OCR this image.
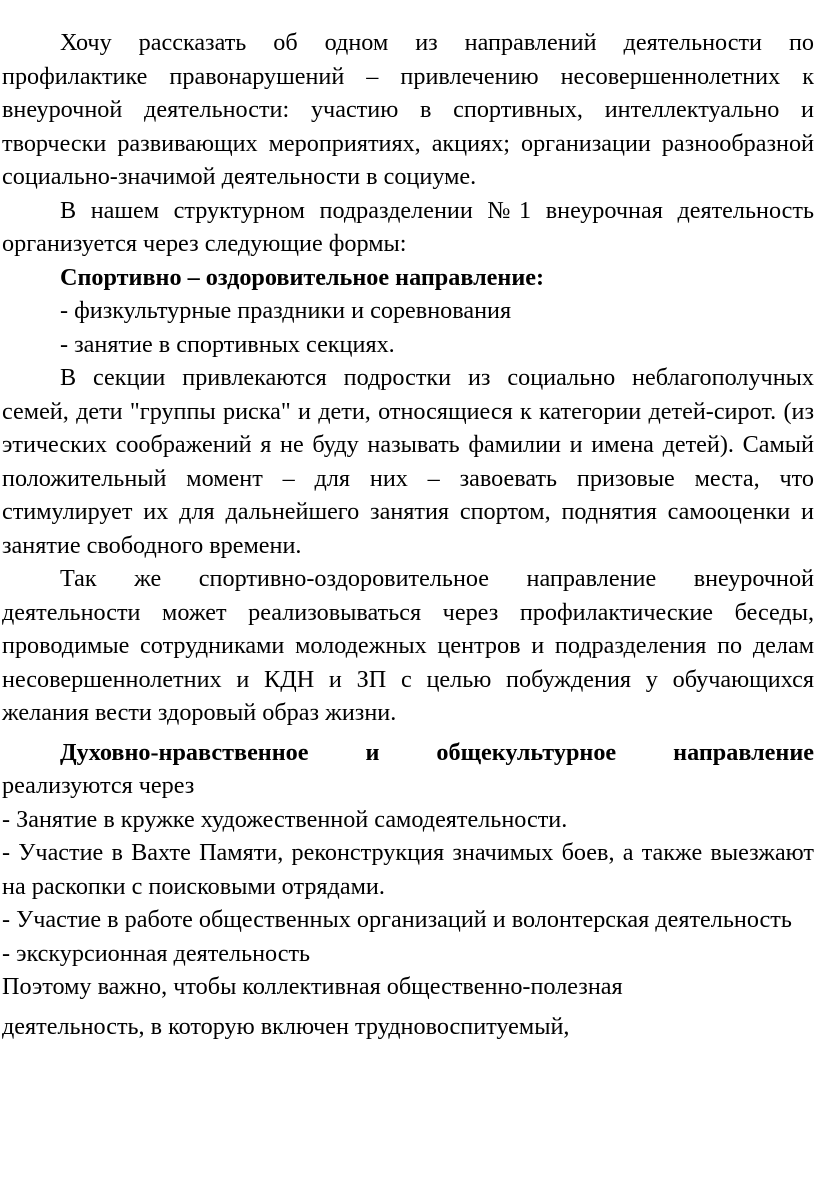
Хочу рассказать об одном из направлений деятельности по профилактике правонарушений – привлечению несовершеннолетних к внеурочной деятельности: участию в спортивных, интеллектуально и творчески развивающих мероприятиях, акциях; организации разнообразной социально-значимой деятельности в социуме.

В нашем структурном подразделении №1 внеурочная деятельность организуется через следующие формы:

Спортивно – оздоровительное направление:

- физкультурные праздники и соревнования

- занятие в спортивных секциях.

В секции привлекаются подростки из социально неблагополучных семей, дети "группы риска" и дети, относящиеся к категории детей-сирот. (из этических соображений я не буду называть фамилии и имена детей). Самый положительный момент – для них – завоевать призовые места, что стимулирует их для дальнейшего занятия спортом, поднятия самооценки и занятие свободного времени.

Так же спортивно-оздоровительное направление внеурочной деятельности может реализовываться через профилактические беседы, проводимые сотрудниками молодежных центров и подразделения по делам несовершеннолетних и КДН и ЗП с целью побуждения у обучающихся желания вести здоровый образ жизни.

Духовно-нравственное и общекультурное направление

реализуются через

- Занятие в кружке художественной самодеятельности.

- Участие в Вахте Памяти, реконструкция значимых боев, а также выезжают на раскопки с поисковыми отрядами.

- Участие в работе общественных организаций и волонтерская деятельность

- экскурсионная деятельность

Поэтому важно, чтобы коллективная общественно-полезная

деятельность, в которую включен трудновоспитуемый,
